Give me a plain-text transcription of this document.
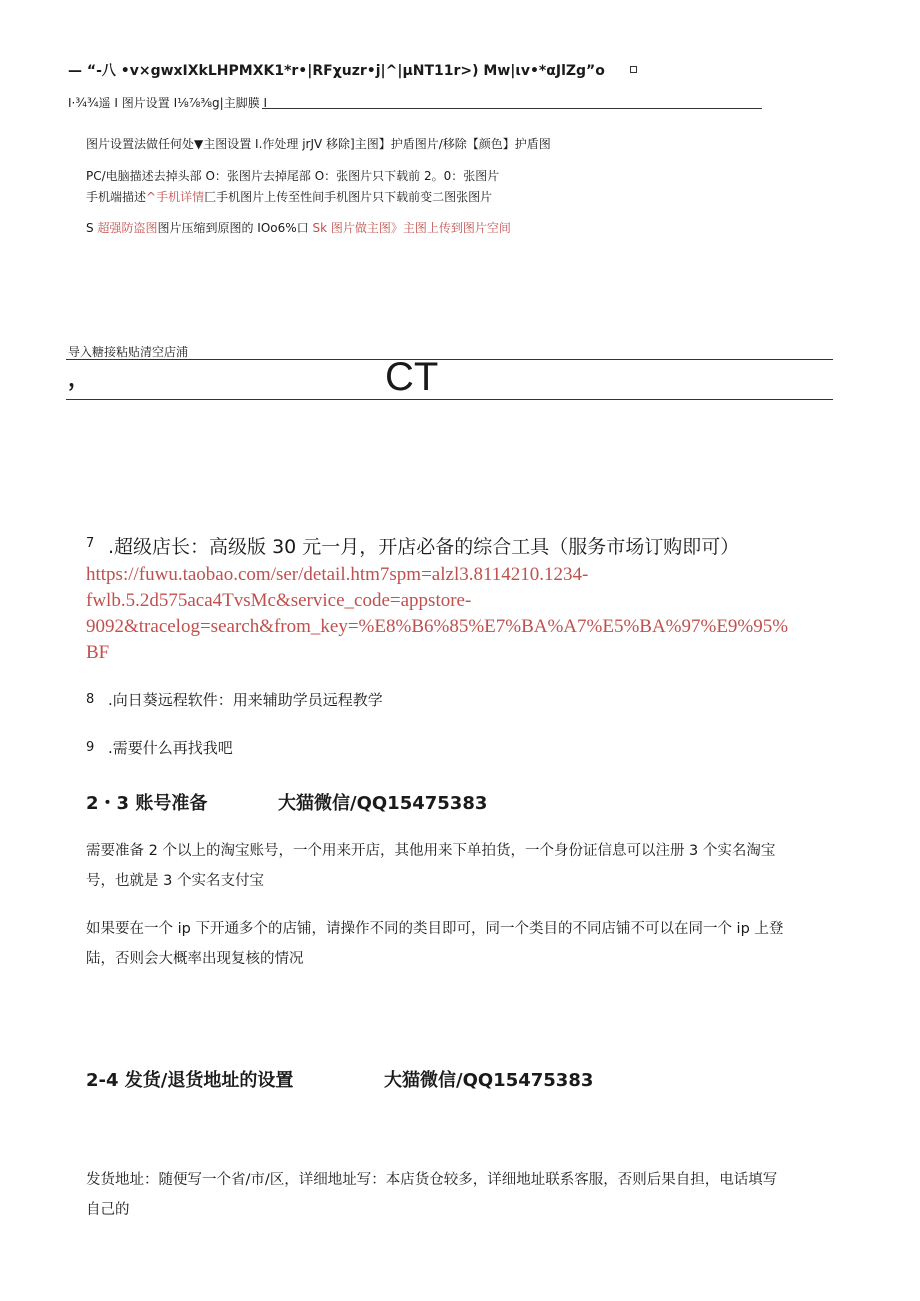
— “-八 •v×gwxIXkLHPMXK1*r•|RFχuzr•j|^|µNT11r>) Mw|ιv•*αJlZg”o
I·¾¾遥 I 图片设置 I⅛⅞⅜g|主脚膜 I
图片设置法做任何处▼主图设置 I.作处理 jrJV 移除]主图】护盾图片/移除【颜色】护盾图
PC/电脑描述去掉头部 O：张图片去掉尾部 O：张图片只下载前 2。0：张图片
手机端描述^手机详情匚手机图片上传至性间手机图片只下载前变二图张图片
S 超强防盗图图片压缩到原图的 IOo6%口 Sk 图片做主图》主图上传到图片空间
导入糖接粘贴清空店浦
，	CT
7 .超级店长：高级版 30 元一月，开店必备的综合工具（服务市场订购即可）
https://fuwu.taobao.com/ser/detail.htm7spm=alzl3.8114210.1234-
fwlb.5.2d575aca4TvsMc&service_code=appstore-
9092&tracelog=search&from_key=%E8%B6%85%E7%BA%A7%E5%BA%97%E9%95%
BF
8 .向日葵远程软件：用来辅助学员远程教学
9 .需要什么再找我吧
2・3 账号准备	大猫微信/QQ15475383
需要准备 2 个以上的淘宝账号，一个用来开店，其他用来下单拍货，一个身份证信息可以注册 3 个实名淘宝
号，也就是 3 个实名支付宝
如果要在一个 ip 下开通多个的店铺，请操作不同的类目即可，同一个类目的不同店铺不可以在同一个 ip 上登
陆，否则会大概率出现复核的情况
2-4 发货/退货地址的设置	大猫微信/QQ15475383
发货地址：随便写一个省/市/区，详细地址写：本店货仓较多，详细地址联系客服，否则后果自担，电话填写
自己的
